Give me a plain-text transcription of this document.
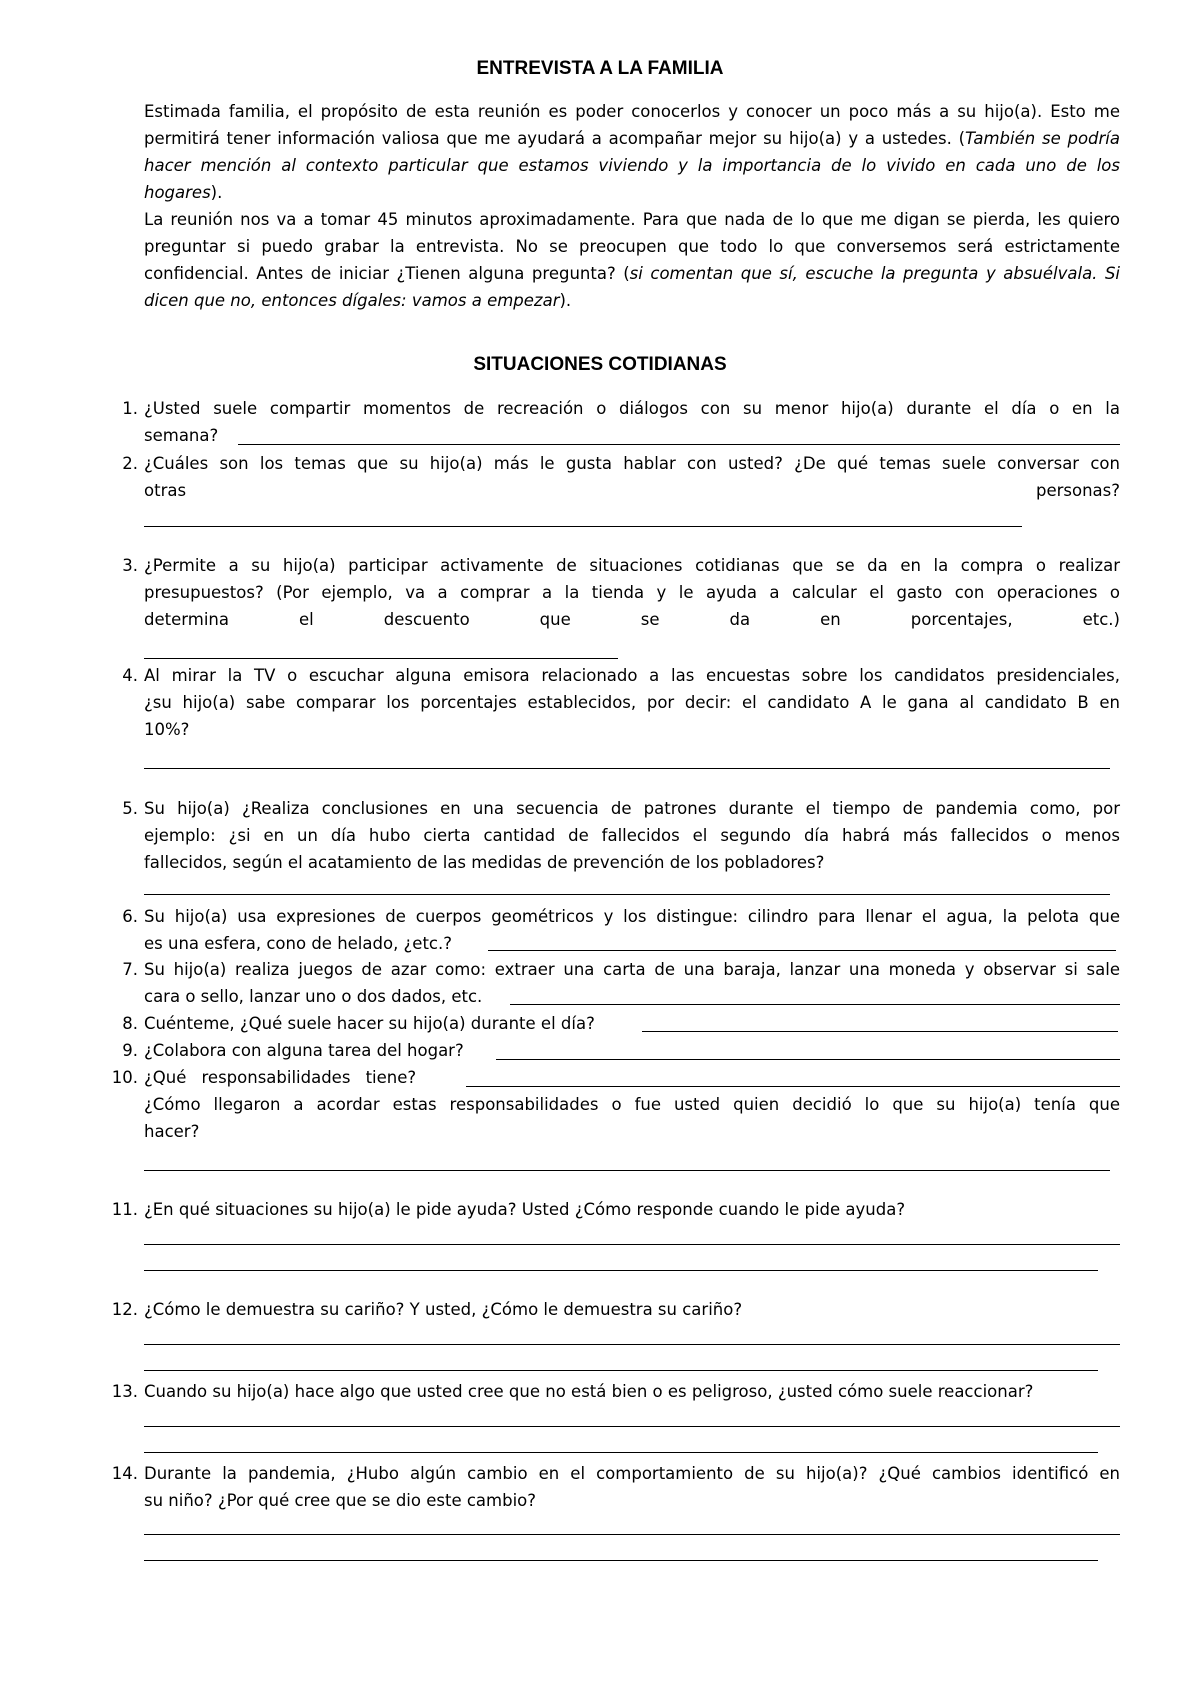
ENTREVISTA A LA FAMILIA
Estimada familia, el propósito de esta reunión es poder conocerlos y conocer un poco más a su hijo(a). Esto me permitirá tener información valiosa que me ayudará a acompañar mejor su hijo(a) y a ustedes. (También se podría hacer mención al contexto particular que estamos viviendo y la importancia de lo vivido en cada uno de los hogares).
La reunión nos va a tomar 45 minutos aproximadamente. Para que nada de lo que me digan se pierda, les quiero preguntar si puedo grabar la entrevista. No se preocupen que todo lo que conversemos será estrictamente confidencial. Antes de iniciar ¿Tienen alguna pregunta? (si comentan que sí, escuche la pregunta y absuélvala. Si dicen que no, entonces dígales: vamos a empezar).
SITUACIONES COTIDIANAS
1. ¿Usted suele compartir momentos de recreación o diálogos con su menor hijo(a) durante el día o en la
semana?
2. ¿Cuáles son los temas que su hijo(a) más le gusta hablar con usted? ¿De qué temas suele conversar con
otras	personas?
3. ¿Permite a su hijo(a) participar activamente de situaciones cotidianas que se da en la compra o realizar
presupuestos? (Por ejemplo, va a comprar a la tienda y le ayuda a calcular el gasto con operaciones o
determina el descuento que se da en porcentajes, etc.)
4. Al mirar la TV o escuchar alguna emisora relacionado a las encuestas sobre los candidatos presidenciales,
¿su hijo(a) sabe comparar los porcentajes establecidos, por decir: el candidato A le gana al candidato B en
10%?
5. Su hijo(a) ¿Realiza conclusiones en una secuencia de patrones durante el tiempo de pandemia como, por
ejemplo: ¿si en un día hubo cierta cantidad de fallecidos el segundo día habrá más fallecidos o menos
fallecidos, según el acatamiento de las medidas de prevención de los pobladores?
6. Su hijo(a) usa expresiones de cuerpos geométricos y los distingue: cilindro para llenar el agua, la pelota que
es una esfera, cono de helado, ¿etc.?
7. Su hijo(a) realiza juegos de azar como: extraer una carta de una baraja, lanzar una moneda y observar si sale
cara o sello, lanzar uno o dos dados, etc.
8. Cuénteme, ¿Qué suele hacer su hijo(a) durante el día?
9. ¿Colabora con alguna tarea del hogar?
10. ¿Qué responsabilidades tiene?
¿Cómo llegaron a acordar estas responsabilidades o fue usted quien decidió lo que su hijo(a) tenía que
hacer?
11. ¿En qué situaciones su hijo(a) le pide ayuda? Usted ¿Cómo responde cuando le pide ayuda?
12. ¿Cómo le demuestra su cariño? Y usted, ¿Cómo le demuestra su cariño?
13. Cuando su hijo(a) hace algo que usted cree que no está bien o es peligroso, ¿usted cómo suele reaccionar?
14. Durante la pandemia, ¿Hubo algún cambio en el comportamiento de su hijo(a)? ¿Qué cambios identificó en
su niño? ¿Por qué cree que se dio este cambio?
